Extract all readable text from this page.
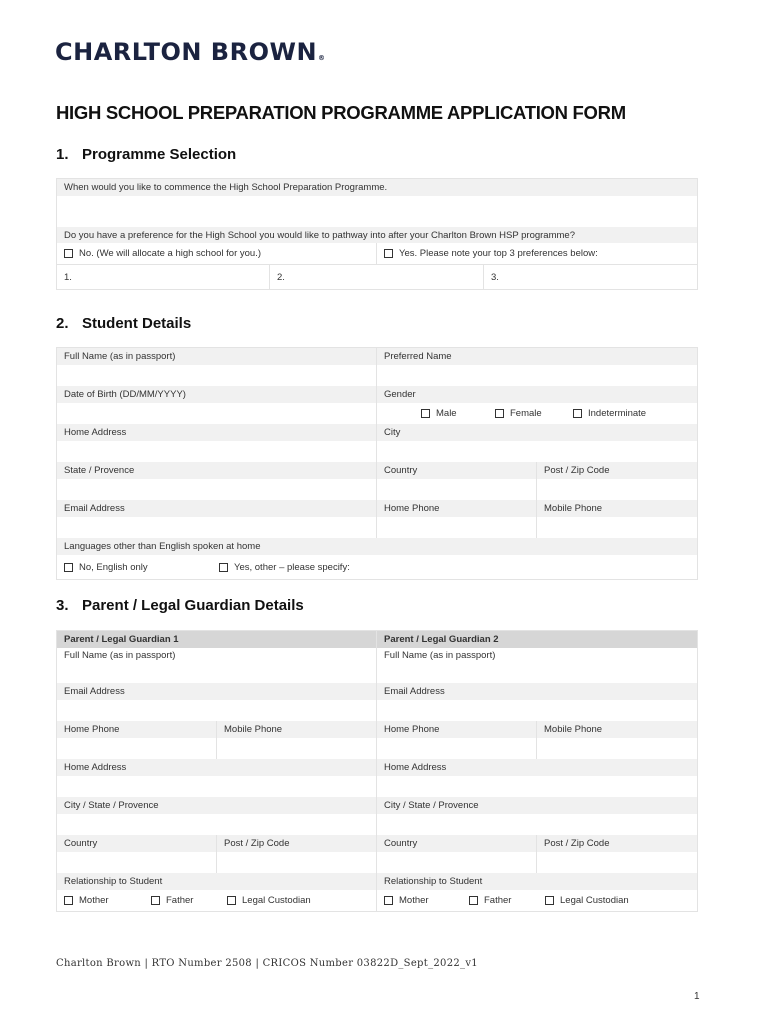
CHARLTON BROWN®
HIGH SCHOOL PREPARATION PROGRAMME APPLICATION FORM
1. Programme Selection
When would you like to commence the High School Preparation Programme.
Do you have a preference for the High School you would like to pathway into after your Charlton Brown HSP programme?
No. (We will allocate a high school for you.)	Yes. Please note your top 3 preferences below:
1.	2.	3.
2. Student Details
Full Name (as in passport)	Preferred Name
Date of Birth (DD/MM/YYYY)	Gender
Male	Female	Indeterminate
Home Address	City
State / Provence	Country	Post / Zip Code
Email Address	Home Phone	Mobile Phone
Languages other than English spoken at home
No, English only	Yes, other – please specify:
3. Parent / Legal Guardian Details
Parent / Legal Guardian 1	Parent / Legal Guardian 2
Full Name (as in passport)	Full Name (as in passport)
Email Address	Email Address
Home Phone	Mobile Phone	Home Phone	Mobile Phone
Home Address	Home Address
City / State / Provence	City / State / Provence
Country	Post / Zip Code	Country	Post / Zip Code
Relationship to Student	Relationship to Student
Mother	Father	Legal Custodian	Mother	Father	Legal Custodian
Charlton Brown | RTO Number 2508 | CRICOS Number 03822D_Sept_2022_v1
1
